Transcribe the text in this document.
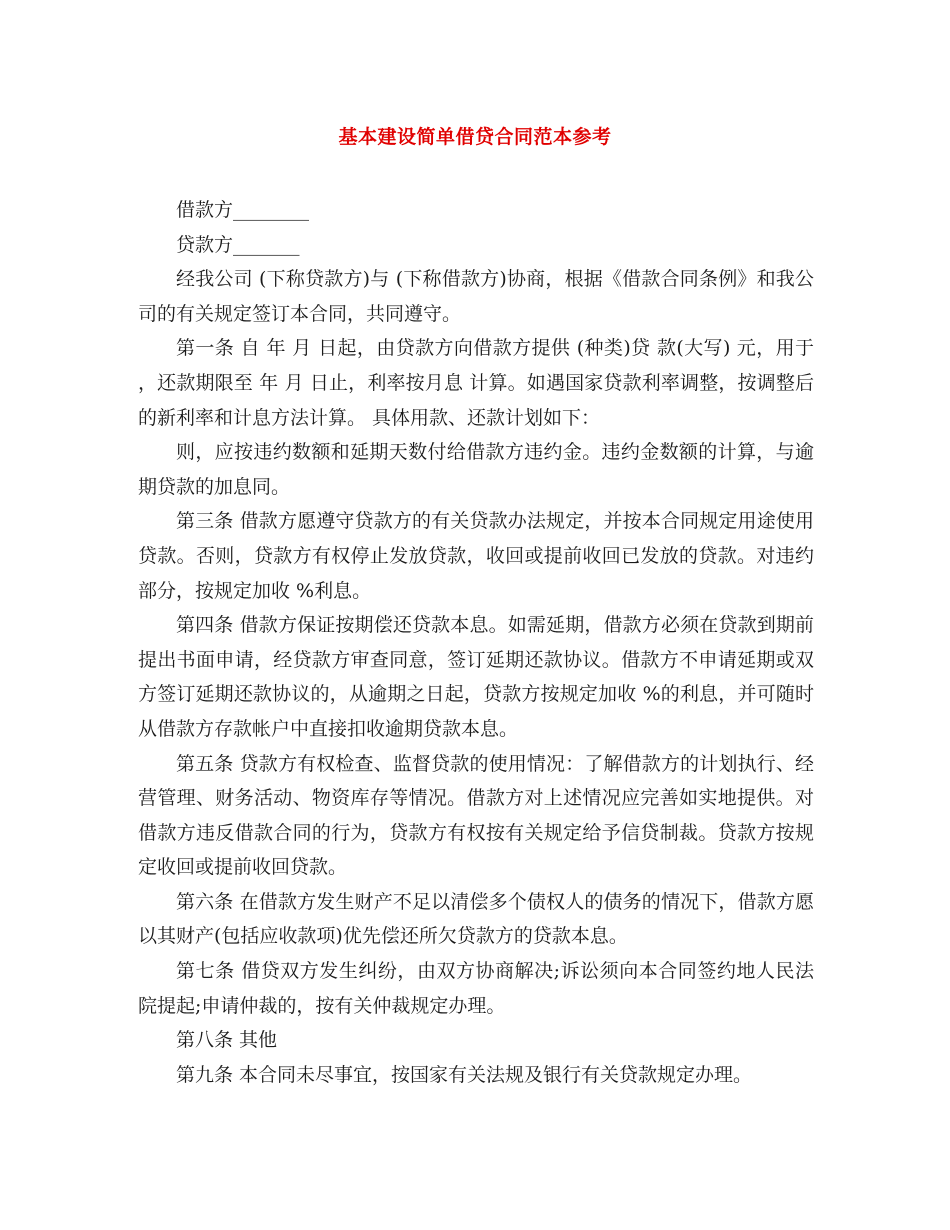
基本建设简单借贷合同范本参考

借款方________

贷款方_______

经我公司 (下称贷款方)与 (下称借款方)协商，根据《借款合同条例》和我公司的有关规定签订本合同，共同遵守。

第一条 自 年 月 日起，由贷款方向借款方提供 (种类)贷 款(大写) 元，用于 ，还款期限至 年 月 日止，利率按月息 计算。如遇国家贷款利率调整，按调整后的新利率和计息方法计算。 具体用款、还款计划如下：

则，应按违约数额和延期天数付给借款方违约金。违约金数额的计算，与逾期贷款的加息同。

第三条 借款方愿遵守贷款方的有关贷款办法规定，并按本合同规定用途使用贷款。否则，贷款方有权停止发放贷款，收回或提前收回已发放的贷款。对违约部分，按规定加收 %利息。

第四条 借款方保证按期偿还贷款本息。如需延期，借款方必须在贷款到期前提出书面申请，经贷款方审查同意，签订延期还款协议。借款方不申请延期或双方签订延期还款协议的，从逾期之日起，贷款方按规定加收 %的利息，并可随时从借款方存款帐户中直接扣收逾期贷款本息。

第五条 贷款方有权检查、监督贷款的使用情况：了解借款方的计划执行、经营管理、财务活动、物资库存等情况。借款方对上述情况应完善如实地提供。对借款方违反借款合同的行为，贷款方有权按有关规定给予信贷制裁。贷款方按规定收回或提前收回贷款。

第六条 在借款方发生财产不足以清偿多个债权人的债务的情况下，借款方愿以其财产(包括应收款项)优先偿还所欠贷款方的贷款本息。

第七条 借贷双方发生纠纷，由双方协商解决;诉讼须向本合同签约地人民法院提起;申请仲裁的，按有关仲裁规定办理。

第八条 其他

第九条 本合同未尽事宜，按国家有关法规及银行有关贷款规定办理。
